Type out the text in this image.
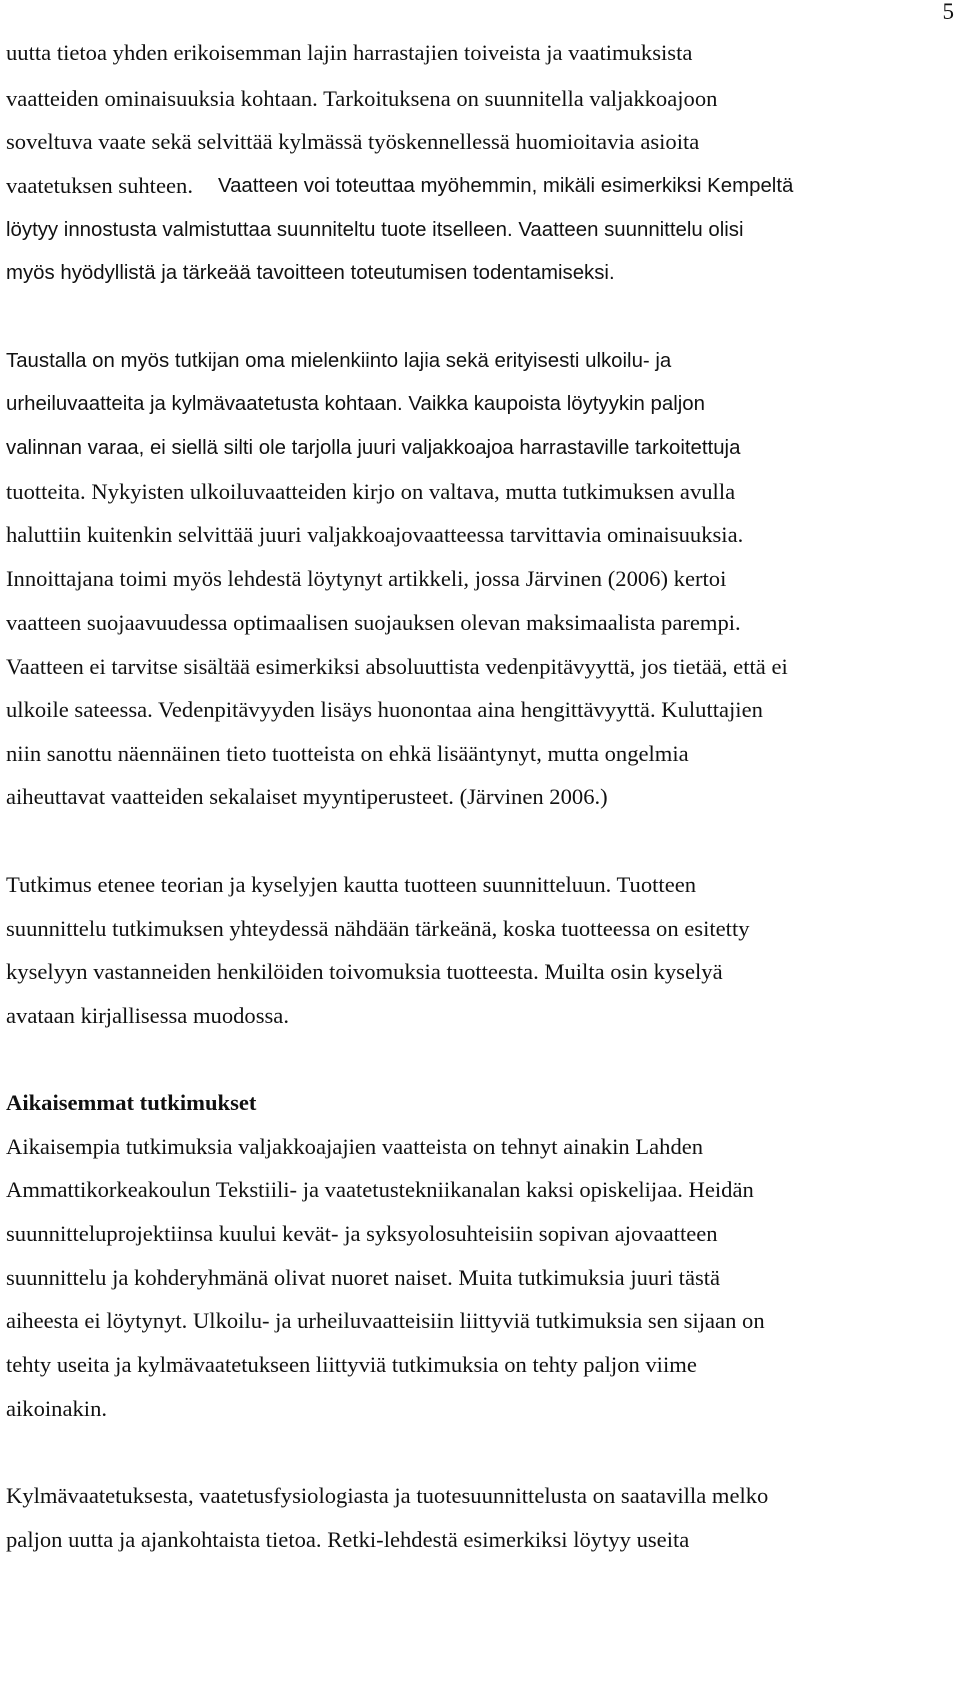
5
uutta tietoa yhden erikoisemman lajin harrastajien toiveista ja vaatimuksista
vaatteiden ominaisuuksia kohtaan. Tarkoituksena on suunnitella valjakkoajoon
soveltuva vaate sekä selvittää kylmässä työskennellessä huomioitavia asioita
vaatetuksen suhteen. Vaatteen voi toteuttaa myöhemmin, mikäli esimerkiksi Kempeltä
löytyy innostusta valmistuttaa suunniteltu tuote itselleen. Vaatteen suunnittelu olisi
myös hyödyllistä ja tärkeää tavoitteen toteutumisen todentamiseksi.
Taustalla on myös tutkijan oma mielenkiinto lajia sekä erityisesti ulkoilu- ja
urheiluvaatteita ja kylmävaatetusta kohtaan. Vaikka kaupoista löytyykin paljon
valinnan varaa, ei siellä silti ole tarjolla juuri valjakkoajoa harrastaville tarkoitettuja
tuotteita. Nykyisten ulkoiluvaatteiden kirjo on valtava, mutta tutkimuksen avulla
haluttiin kuitenkin selvittää juuri valjakkoajovaatteessa tarvittavia ominaisuuksia.
Innoittajana toimi myös lehdestä löytynyt artikkeli, jossa Järvinen (2006) kertoi
vaatteen suojaavuudessa optimaalisen suojauksen olevan maksimaalista parempi.
Vaatteen ei tarvitse sisältää esimerkiksi absoluuttista vedenpitävyyttä, jos tietää, että ei
ulkoile sateessa. Vedenpitävyyden lisäys huonontaa aina hengittävyyttä. Kuluttajien
niin sanottu näennäinen tieto tuotteista on ehkä lisääntynyt, mutta ongelmia
aiheuttavat vaatteiden sekalaiset myyntiperusteet. (Järvinen 2006.)
Tutkimus etenee teorian ja kyselyjen kautta tuotteen suunnitteluun. Tuotteen
suunnittelu tutkimuksen yhteydessä nähdään tärkeänä, koska tuotteessa on esitetty
kyselyyn vastanneiden henkilöiden toivomuksia tuotteesta. Muilta osin kyselyä
avataan kirjallisessa muodossa.
Aikaisemmat tutkimukset
Aikaisempia tutkimuksia valjakkoajajien vaatteista on tehnyt ainakin Lahden
Ammattikorkeakoulun Tekstiili- ja vaatetustekniikanalan kaksi opiskelijaa. Heidän
suunnitteluprojektiinsa kuului kevät- ja syksyolosuhteisiin sopivan ajovaatteen
suunnittelu ja kohderyhmänä olivat nuoret naiset. Muita tutkimuksia juuri tästä
aiheesta ei löytynyt. Ulkoilu- ja urheiluvaatteisiin liittyviä tutkimuksia sen sijaan on
tehty useita ja kylmävaatetukseen liittyviä tutkimuksia on tehty paljon viime
aikoinakin.
Kylmävaatetuksesta, vaatetusfysiologiasta ja tuotesuunnittelusta on saatavilla melko
paljon uutta ja ajankohtaista tietoa. Retki-lehdestä esimerkiksi löytyy useita
